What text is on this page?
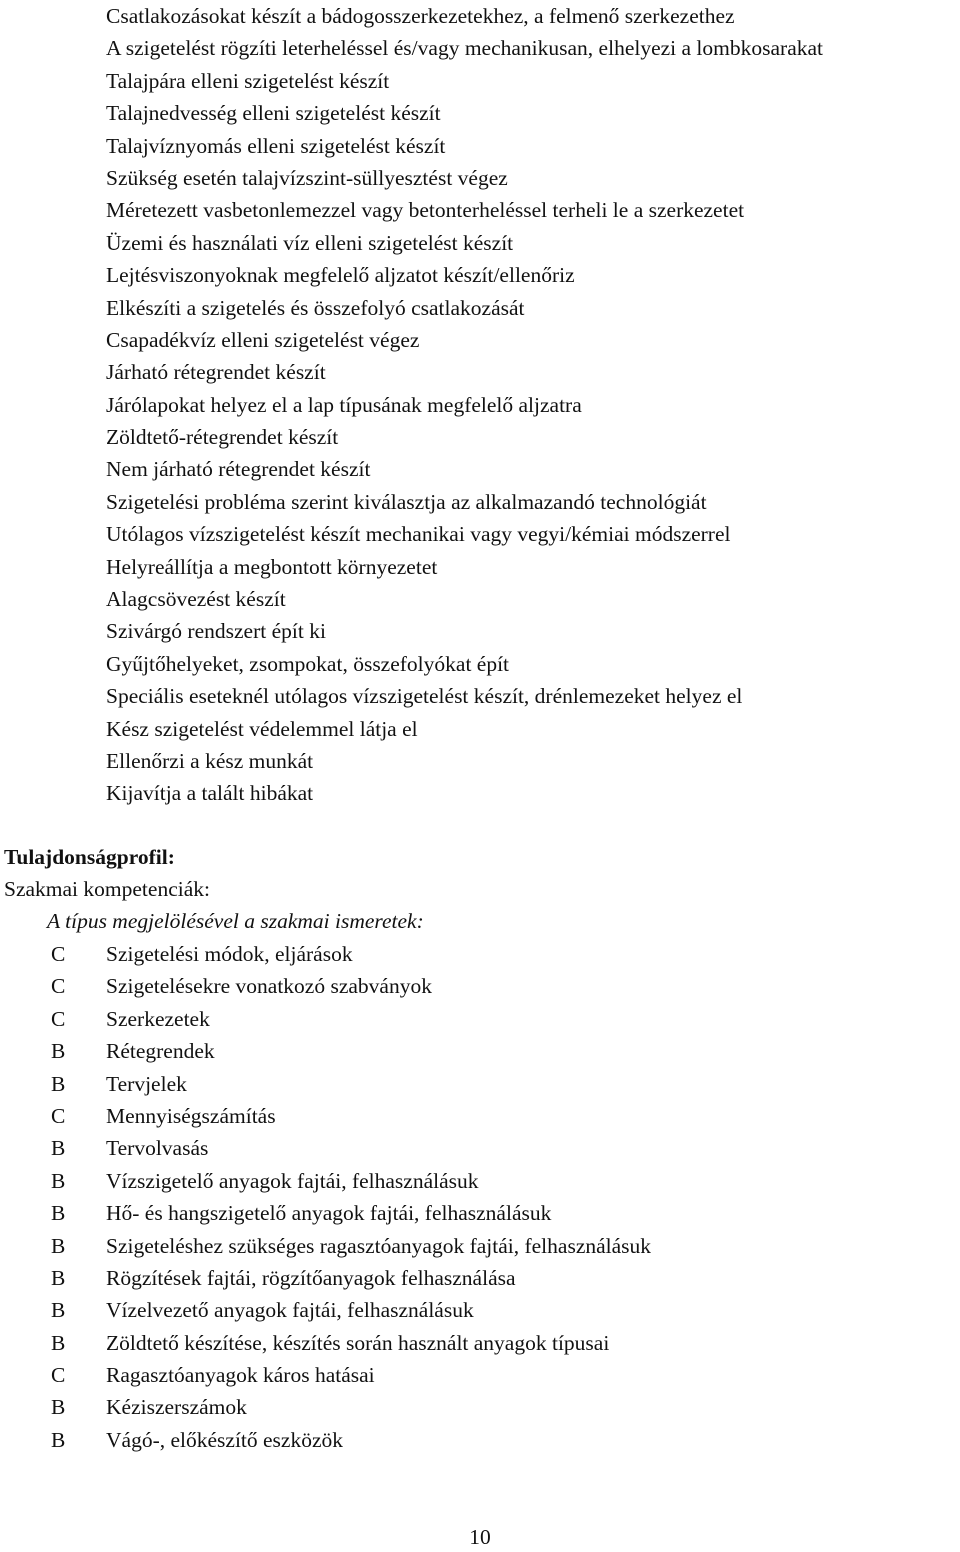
Csatlakozásokat készít a bádogosszerkezetekhez, a felmenő szerkezethez
A szigetelést rögzíti leterheléssel és/vagy mechanikusan, elhelyezi a lombkosarakat
Talajpára elleni szigetelést készít
Talajnedvesség elleni szigetelést készít
Talajvíznyomás elleni szigetelést készít
Szükség esetén talajvízszint-süllyesztést végez
Méretezett vasbetonlemezzel vagy betonterheléssel terheli le a szerkezetet
Üzemi és használati víz elleni szigetelést készít
Lejtésviszonyoknak megfelelő aljzatot készít/ellenőriz
Elkészíti a szigetelés és összefolyó csatlakozását
Csapadékvíz elleni szigetelést végez
Járható rétegrendet készít
Járólapokat helyez el a lap típusának megfelelő aljzatra
Zöldtető-rétegrendet készít
Nem járható rétegrendet készít
Szigetelési probléma szerint kiválasztja az alkalmazandó technológiát
Utólagos vízszigetelést készít mechanikai vagy vegyi/kémiai módszerrel
Helyreállítja a megbontott környezetet
Alagcsövezést készít
Szivárgó rendszert épít ki
Gyűjtőhelyeket, zsompokat, összefolyókat épít
Speciális eseteknél utólagos vízszigetelést készít, drénlemezeket helyez el
Kész szigetelést védelemmel látja el
Ellenőrzi a kész munkát
Kijavítja a talált hibákat
Tulajdonságprofil:
Szakmai kompetenciák:
A típus megjelölésével a szakmai ismeretek:
C Szigetelési módok, eljárások
C Szigetelésekre vonatkozó szabványok
C Szerkezetek
B Rétegrendek
B Tervjelek
C Mennyiségszámítás
B Tervolvasás
B Vízszigetelő anyagok fajtái, felhasználásuk
B Hő- és hangszigetelő anyagok fajtái, felhasználásuk
B Szigeteléshez szükséges ragasztóanyagok fajtái, felhasználásuk
B Rögzítések fajtái, rögzítőanyagok felhasználása
B Vízelvezető anyagok fajtái, felhasználásuk
B Zöldtető készítése, készítés során használt anyagok típusai
C Ragasztóanyagok káros hatásai
B Kéziszerszámok
B Vágó-, előkészítő eszközök
10
